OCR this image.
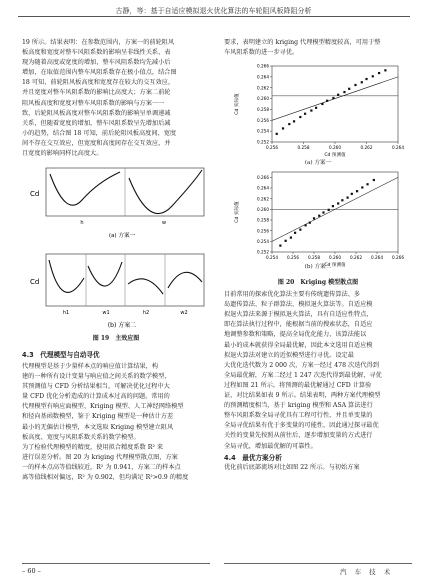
古静，等：基于自适应模拟退火优化算法的车轮阻风板降阻分析

19 所示。结果表明：在参数范围内，方案一的前轮阻风

板高度和宽度对整车风阻系数的影响呈非线性关系，表

现为随着高度或宽度的增加，整车风阻系数均先减小后

增加，在取值范围内整车风阻系数存在极小值点，结合图

18 可知，前轮阻风板高度和宽度存在较大的交互效应，

并且宽度对整车风阻系数的影响比高度大；方案二前轮

阻风板高度和宽度对整车风阻系数的影响与方案一一

致，后轮阻风板高度对整车风阻系数的影响呈单调递减

关系，但随着宽度的增加，整车风阻系数呈先增加后减

小的趋势，结合图 18 可知，前后轮阻风板高度间、宽度

间不存在交互效应，但宽度和高度间存在交互效应，并

且宽度的影响同样比高度大。

Cd
h	w
(a) 方案一
Cd
h1	w1	h2	w2
(b) 方案二
图 19　主效应图
4.3　代理模型与自动寻优

代理模型是基于少量样本点的响应值计算结果，构

建的一种所有设计变量与响应值之间关系的数学模型，

其预测值与 CFD 分析结果相当，可解决优化过程中大

量 CFD 优化分析造成的计算成本过高的问题。常用的

代理模型有响应面模型、Kriging 模型、人工神经网络模型

和径向基函数模型，鉴于 Kriging 模型是一种估计方差

最小的无偏估计模型，本文选取 Kriging 模型建立阻风

板高度、宽度与风阻系数关系的数学模型。

为了检验代理模型的精度，使用拟合精度系数 R² 来

进行误差分析。图 20 为 kriging 代理模型散点图，方案

一的样本点高等值线较近，R² 为 0.941，方案二的样本点

离等值线相对偏远，R² 为 0.902，但均满足 R²>0.9 的精度

要求，表明建立的 kriging 代理模型精度较高，可用于整

车风阻系数的进一步寻优。

0.252
0.254
0.256
0.258
0.260
0.262
0.264
0.266
0.256	0.258	0.260	0.262	0.264
Cd 预测值
Cd 实际值
(a) 方案一
0.252
0.254
0.256
0.258
0.260
0.262
0.264
0.266
0.254 0.256 0.258 0.260 0.262 0.264 0.266
Cd 预测值
Cd 实际值
(b) 方案二
图 20　Kriging 模型散点图

目前常用的探索优化算法主要有传统遗传算法、多

岛遗传算法、粒子群算法、模拟退火算法等。自适应模

拟退火算法来源于模拟退火算法，具有自适应性特点，

即在算法执行过程中，能根据当前的搜索状态，自适应

地调整参数和策略，提高全局优化能力，该算法能以

最小的成本就获得全局最优解，因此本文选用自适应模

拟退火算法对建立的近似模型进行寻优。设定最

大优化迭代数为 2 000 次，方案一经过 478 次迭代得到

全局最优解，方案二经过 1 247 次迭代得到最优解，寻优

过程如图 21 所示。将预测的最优解通过 CFD 计算验

证，对比结果如表 9 所示。结果表明，两种方案代理模型

的预测精度相当，基于 kriging 模型和 ASA 算法进行

整车风阻系数全局寻优具有工程可行性，并且单变量的

全局寻优结果有优于多变量的可能性，因此通过探寻最优

关性的变量先按照从前往后，逐步增加变量的方式进行

全局寻优，增加最优解的可靠性。

4.4　最优方案分析

优化前后底部流场对比如图 22 所示。与初始方案

– 60 –	汽 车 技 术
